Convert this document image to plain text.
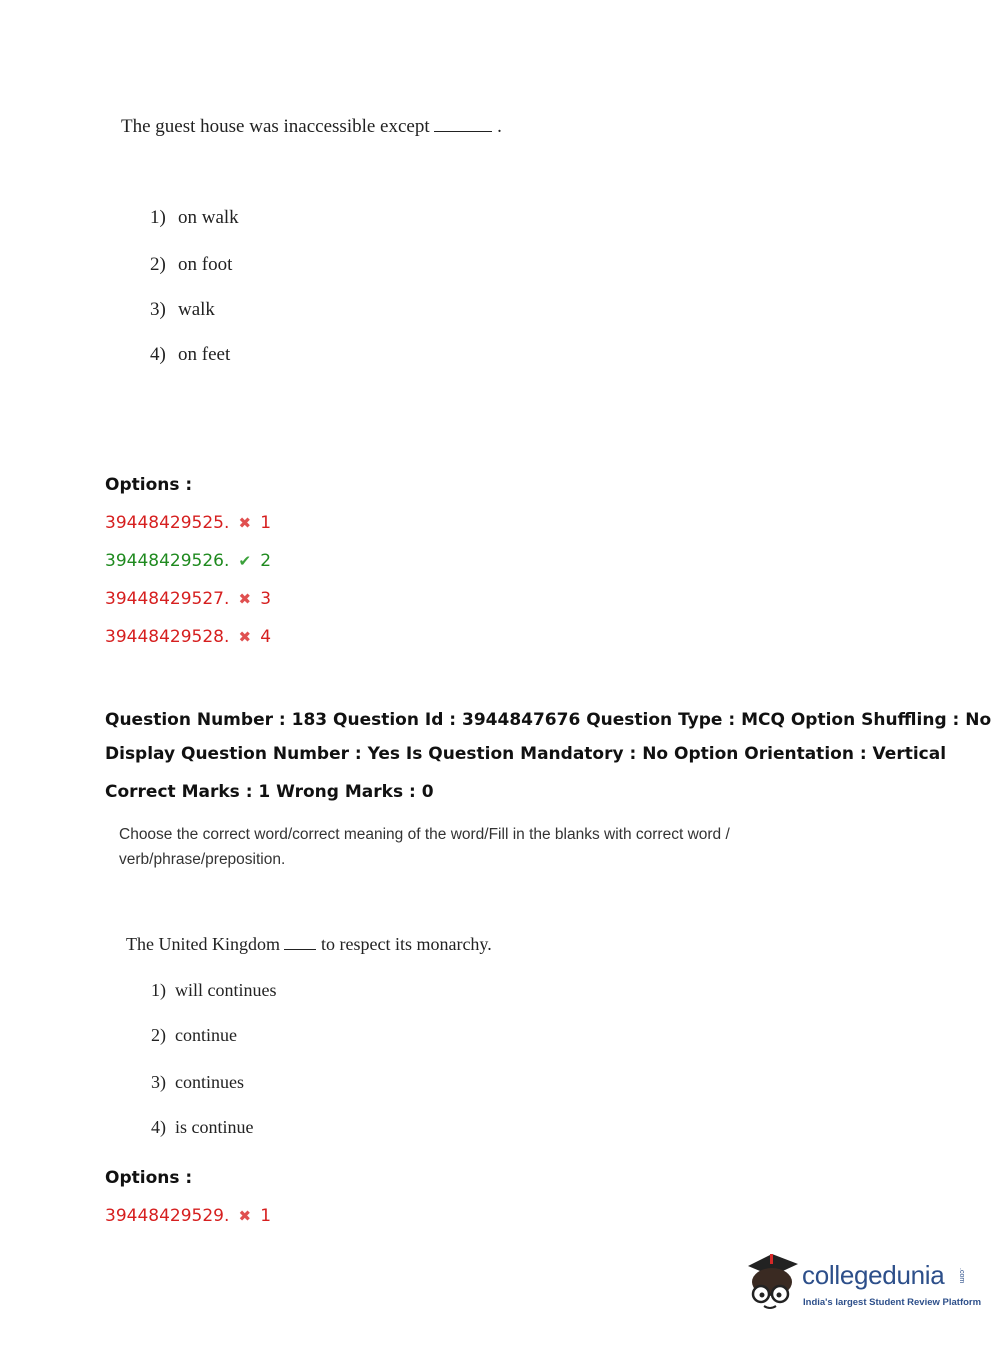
The guest house was inaccessible except	.
1) on walk
2) on foot
3) walk
4) on feet
Options :
39448429525. ✖ 1
39448429526. ✔ 2
39448429527. ✖ 3
39448429528. ✖ 4
Question Number : 183 Question Id : 3944847676 Question Type : MCQ Option Shuffling : No
Display Question Number : Yes Is Question Mandatory : No Option Orientation : Vertical
Correct Marks : 1 Wrong Marks : 0
Choose the correct word/correct meaning of the word/Fill in the blanks with correct word / verb/phrase/preposition.
The United Kingdom to respect its monarchy.
1) will continues
2) continue
3) continues
4) is continue
Options :
39448429529. ✖ 1
collegedunia .com
India's largest Student Review Platform
